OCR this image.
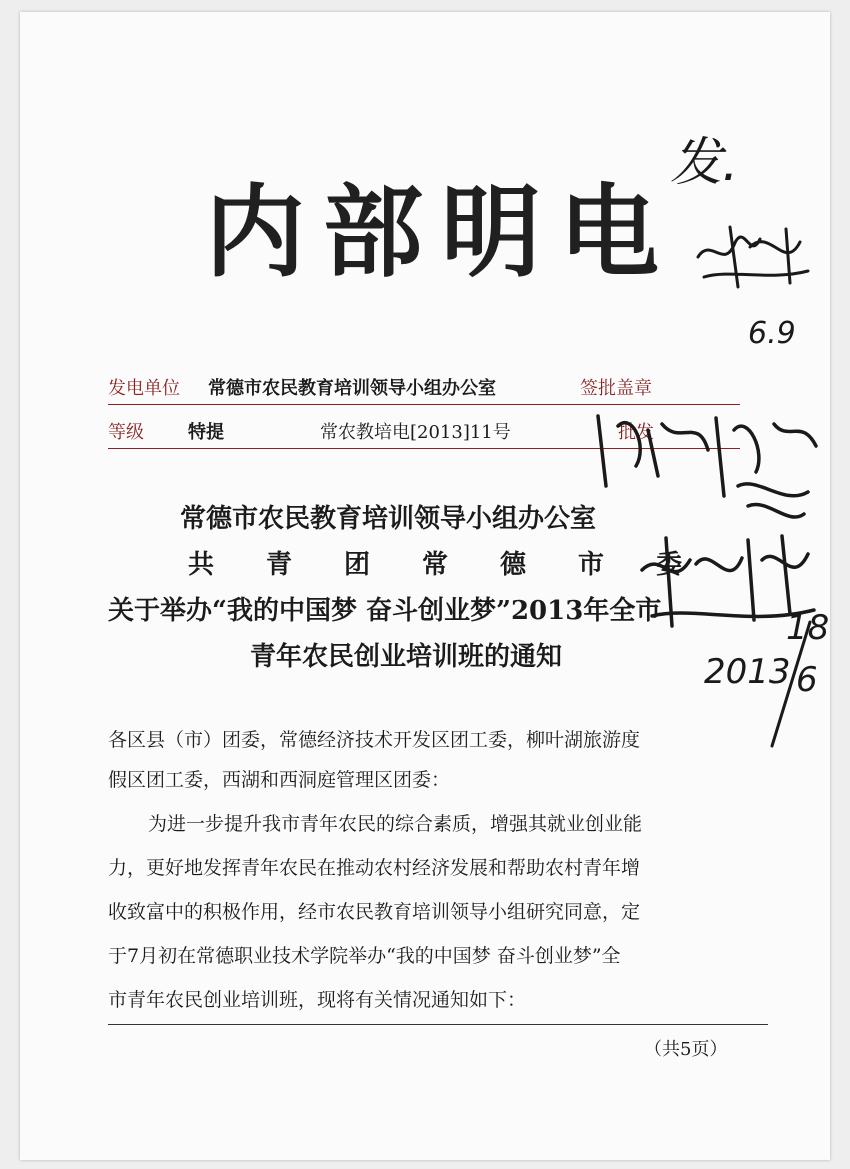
内部明电
发电单位 常德市农民教育培训领导小组办公室	签批盖章
等级 特提	常农教培电[2013]11号	批发
常德市农民教育培训领导小组办公室
共青团常德市委
关于举办“我的中国梦 奋斗创业梦”2013年全市
青年农民创业培训班的通知
各区县（市）团委，常德经济技术开发区团工委，柳叶湖旅游度
假区团工委，西湖和西洞庭管理区团委：
为进一步提升我市青年农民的综合素质，增强其就业创业能
力，更好地发挥青年农民在推动农村经济发展和帮助农村青年增
收致富中的积极作用，经市农民教育培训领导小组研究同意，定
于7月初在常德职业技术学院举办“我的中国梦 奋斗创业梦”全
市青年农民创业培训班，现将有关情况通知如下：
（共5页）
发.
6.9
2013
18
6
